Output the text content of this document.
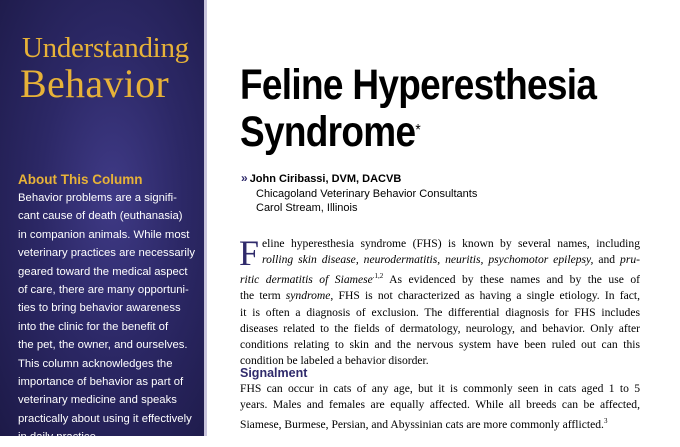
Understanding
Behavior
About This Column
Behavior problems are a signifi-
cant cause of death (euthanasia)
in companion animals. While most
veterinary practices are necessarily
geared toward the medical aspect
of care, there are many opportuni-
ties to bring behavior awareness
into the clinic for the benefit of
the pet, the owner, and ourselves.
This column acknowledges the
importance of behavior as part of
veterinary medicine and speaks
practically about using it effectively
in daily practice.
Feline Hyperesthesia
Syndrome*
» John Ciribassi, DVM, DACVB
Chicagoland Veterinary Behavior Consultants
Carol Stream, Illinois
F eline hyperesthesia syndrome (FHS) is known by several names, including
rolling skin disease, neurodermatitis, neuritis, psychomotor epilepsy, and pru-
ritic dermatitis of Siamese$^{.1,2}$ As evidenced by these names and by the use of
the term syndrome, FHS is not characterized as having a single etiology. In fact,
it is often a diagnosis of exclusion. The differential diagnosis for FHS includes
diseases related to the fields of dermatology, neurology, and behavior. Only after
conditions relating to skin and the nervous system have been ruled out can this
condition be labeled a behavior disorder.
Signalment
FHS can occur in cats of any age, but it is commonly seen in cats aged 1 to 5
years. Males and females are equally affected. While all breeds can be affected,
Siamese, Burmese, Persian, and Abyssinian cats are more commonly afflicted.$^3$
